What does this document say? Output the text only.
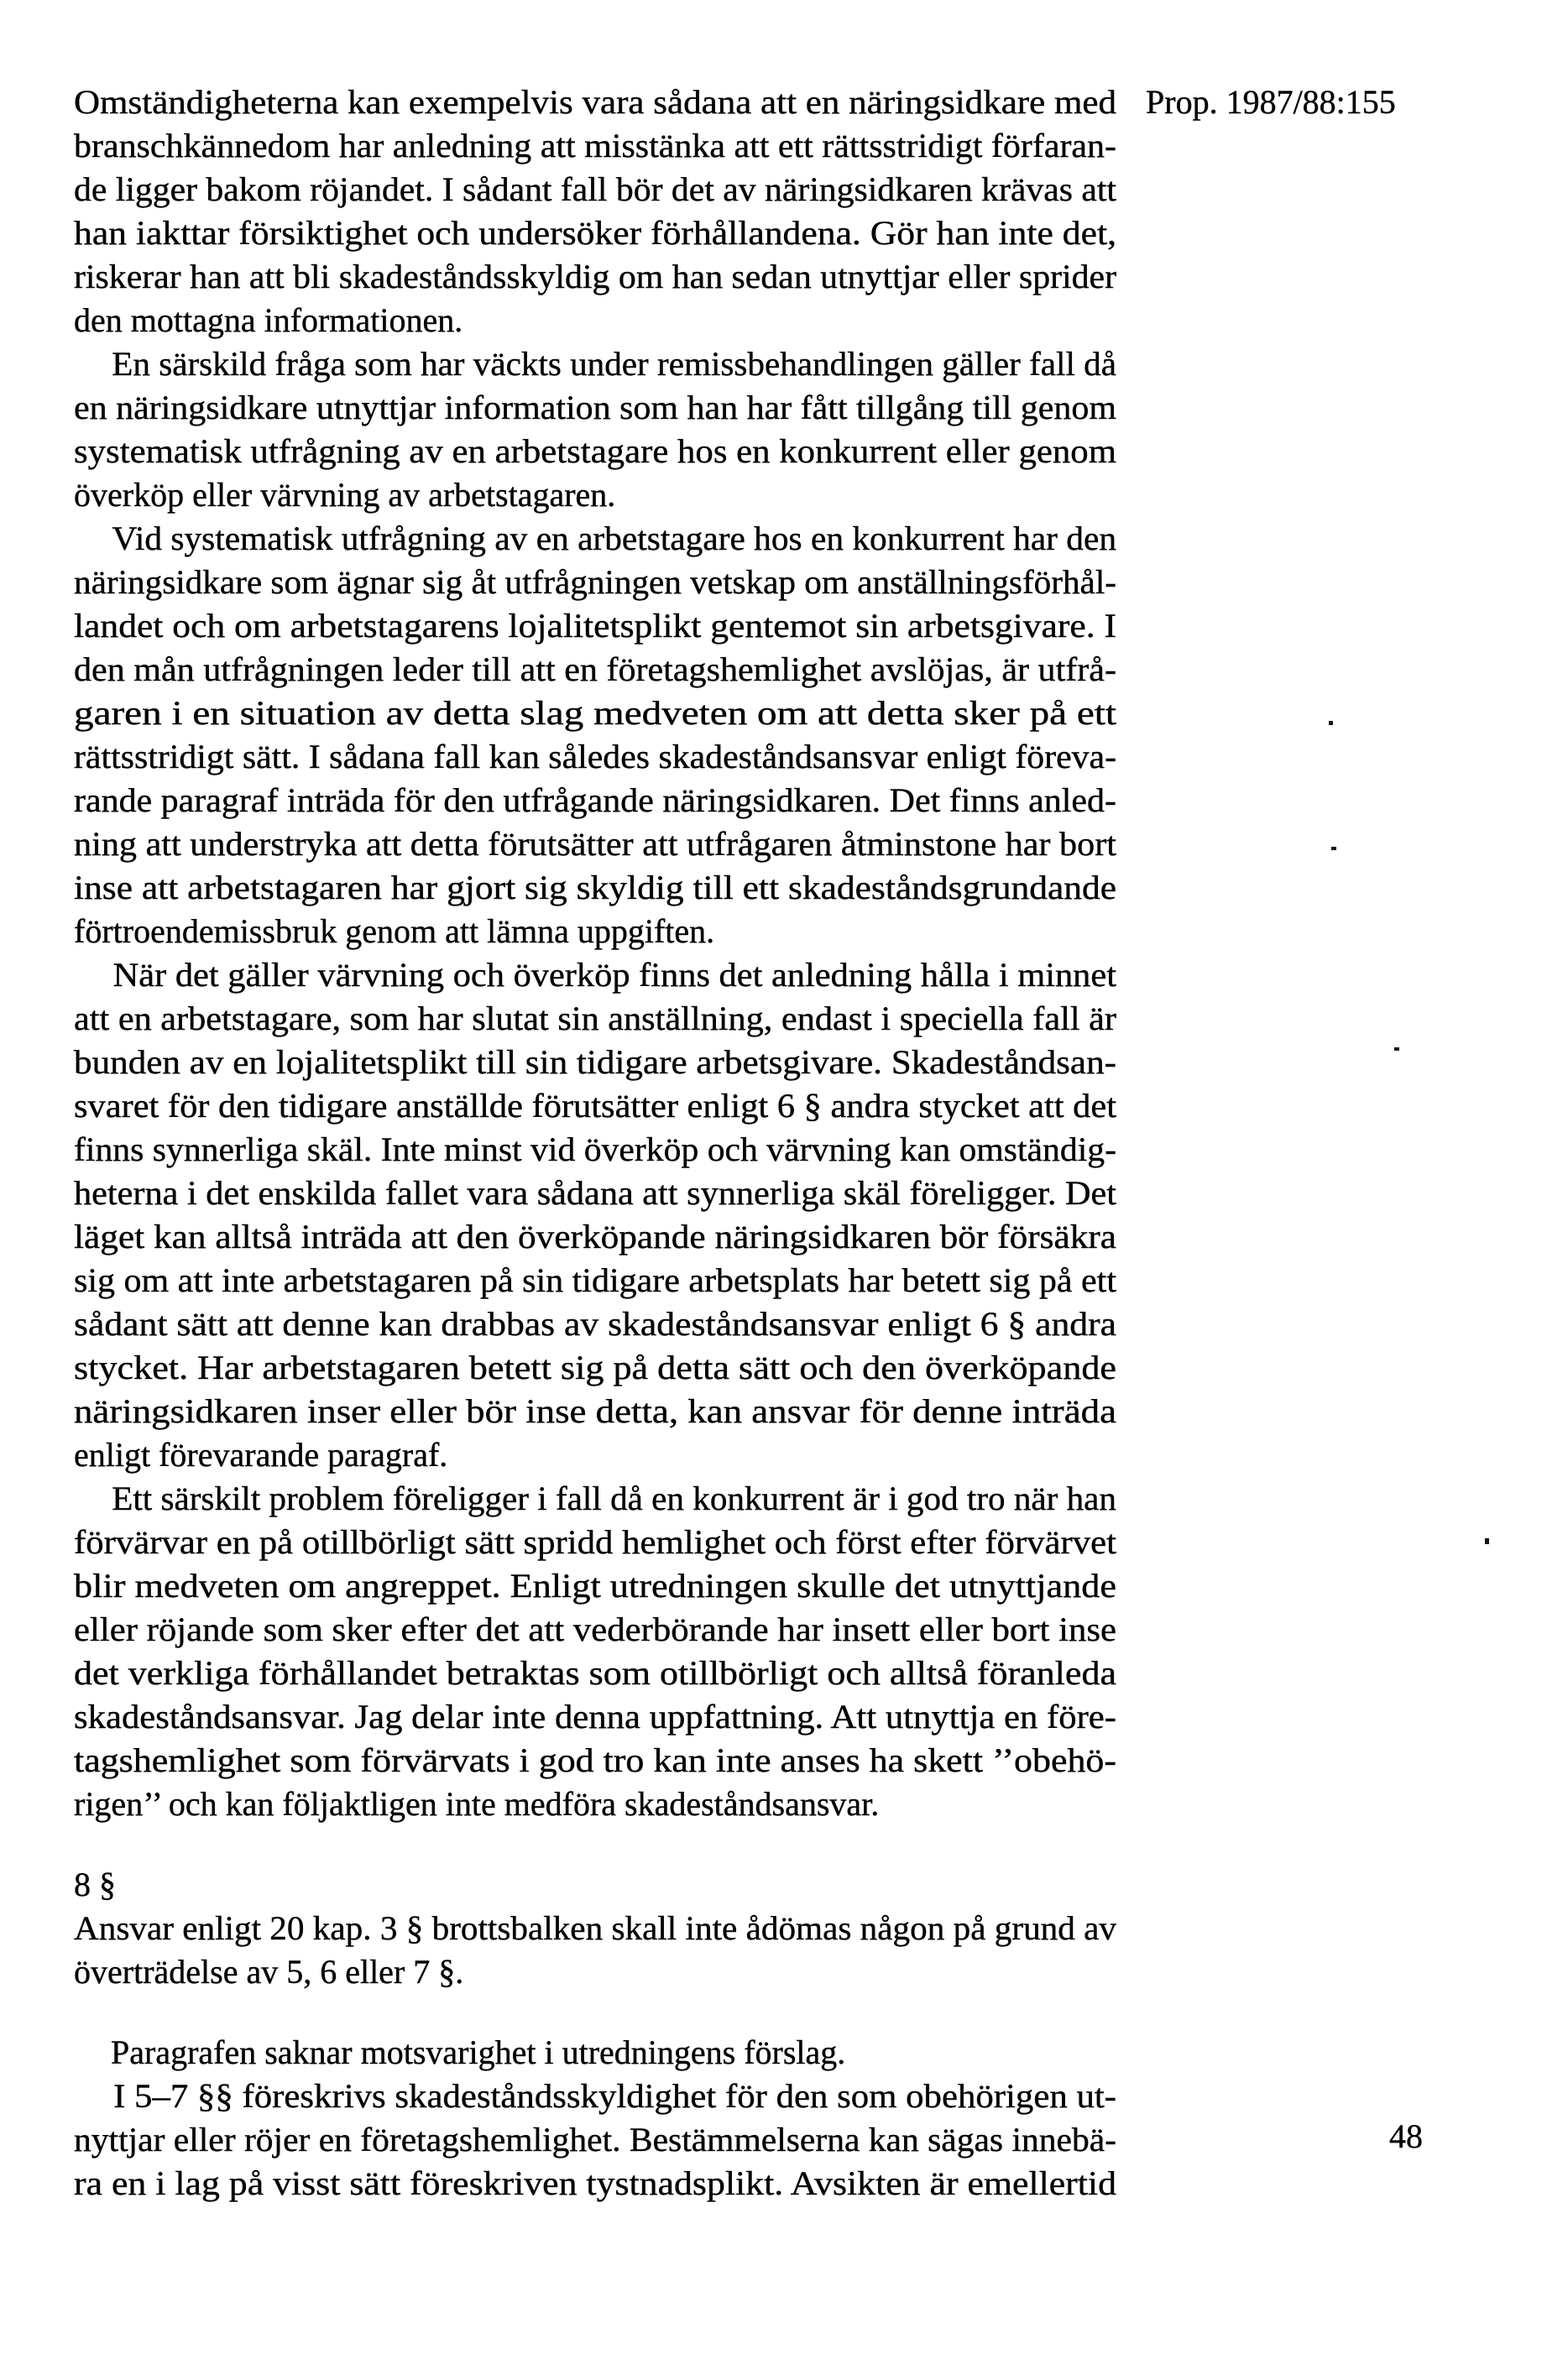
Prop. 1987/88:155
Omständigheterna kan exempelvis vara sådana att en näringsidkare med
branschkännedom har anledning att misstänka att ett rättsstridigt förfaran-
de ligger bakom röjandet. I sådant fall bör det av näringsidkaren krävas att
han iakttar försiktighet och undersöker förhållandena. Gör han inte det,
riskerar han att bli skadeståndsskyldig om han sedan utnyttjar eller sprider
den mottagna informationen.
En särskild fråga som har väckts under remissbehandlingen gäller fall då
en näringsidkare utnyttjar information som han har fått tillgång till genom
systematisk utfrågning av en arbetstagare hos en konkurrent eller genom
överköp eller värvning av arbetstagaren.
Vid systematisk utfrågning av en arbetstagare hos en konkurrent har den
näringsidkare som ägnar sig åt utfrågningen vetskap om anställningsförhål-
landet och om arbetstagarens lojalitetsplikt gentemot sin arbetsgivare. I
den mån utfrågningen leder till att en företagshemlighet avslöjas, är utfrå-
garen i en situation av detta slag medveten om att detta sker på ett
rättsstridigt sätt. I sådana fall kan således skadeståndsansvar enligt föreva-
rande paragraf inträda för den utfrågande näringsidkaren. Det finns anled-
ning att understryka att detta förutsätter att utfrågaren åtminstone har bort
inse att arbetstagaren har gjort sig skyldig till ett skadeståndsgrundande
förtroendemissbruk genom att lämna uppgiften.
När det gäller värvning och överköp finns det anledning hålla i minnet
att en arbetstagare, som har slutat sin anställning, endast i speciella fall är
bunden av en lojalitetsplikt till sin tidigare arbetsgivare. Skadeståndsan-
svaret för den tidigare anställde förutsätter enligt 6 § andra stycket att det
finns synnerliga skäl. Inte minst vid överköp och värvning kan omständig-
heterna i det enskilda fallet vara sådana att synnerliga skäl föreligger. Det
läget kan alltså inträda att den överköpande näringsidkaren bör försäkra
sig om att inte arbetstagaren på sin tidigare arbetsplats har betett sig på ett
sådant sätt att denne kan drabbas av skadeståndsansvar enligt 6 § andra
stycket. Har arbetstagaren betett sig på detta sätt och den överköpande
näringsidkaren inser eller bör inse detta, kan ansvar för denne inträda
enligt förevarande paragraf.
Ett särskilt problem föreligger i fall då en konkurrent är i god tro när han
förvärvar en på otillbörligt sätt spridd hemlighet och först efter förvärvet
blir medveten om angreppet. Enligt utredningen skulle det utnyttjande
eller röjande som sker efter det att vederbörande har insett eller bort inse
det verkliga förhållandet betraktas som otillbörligt och alltså föranleda
skadeståndsansvar. Jag delar inte denna uppfattning. Att utnyttja en före-
tagshemlighet som förvärvats i god tro kan inte anses ha skett ’’obehö-
rigen’’ och kan följaktligen inte medföra skadeståndsansvar.
8 §
Ansvar enligt 20 kap. 3 § brottsbalken skall inte ådömas någon på grund av
överträdelse av 5, 6 eller 7 §.
Paragrafen saknar motsvarighet i utredningens förslag.
I 5–7 §§ föreskrivs skadeståndsskyldighet för den som obehörigen ut-
nyttjar eller röjer en företagshemlighet. Bestämmelserna kan sägas innebä-
ra en i lag på visst sätt föreskriven tystnadsplikt. Avsikten är emellertid
48
